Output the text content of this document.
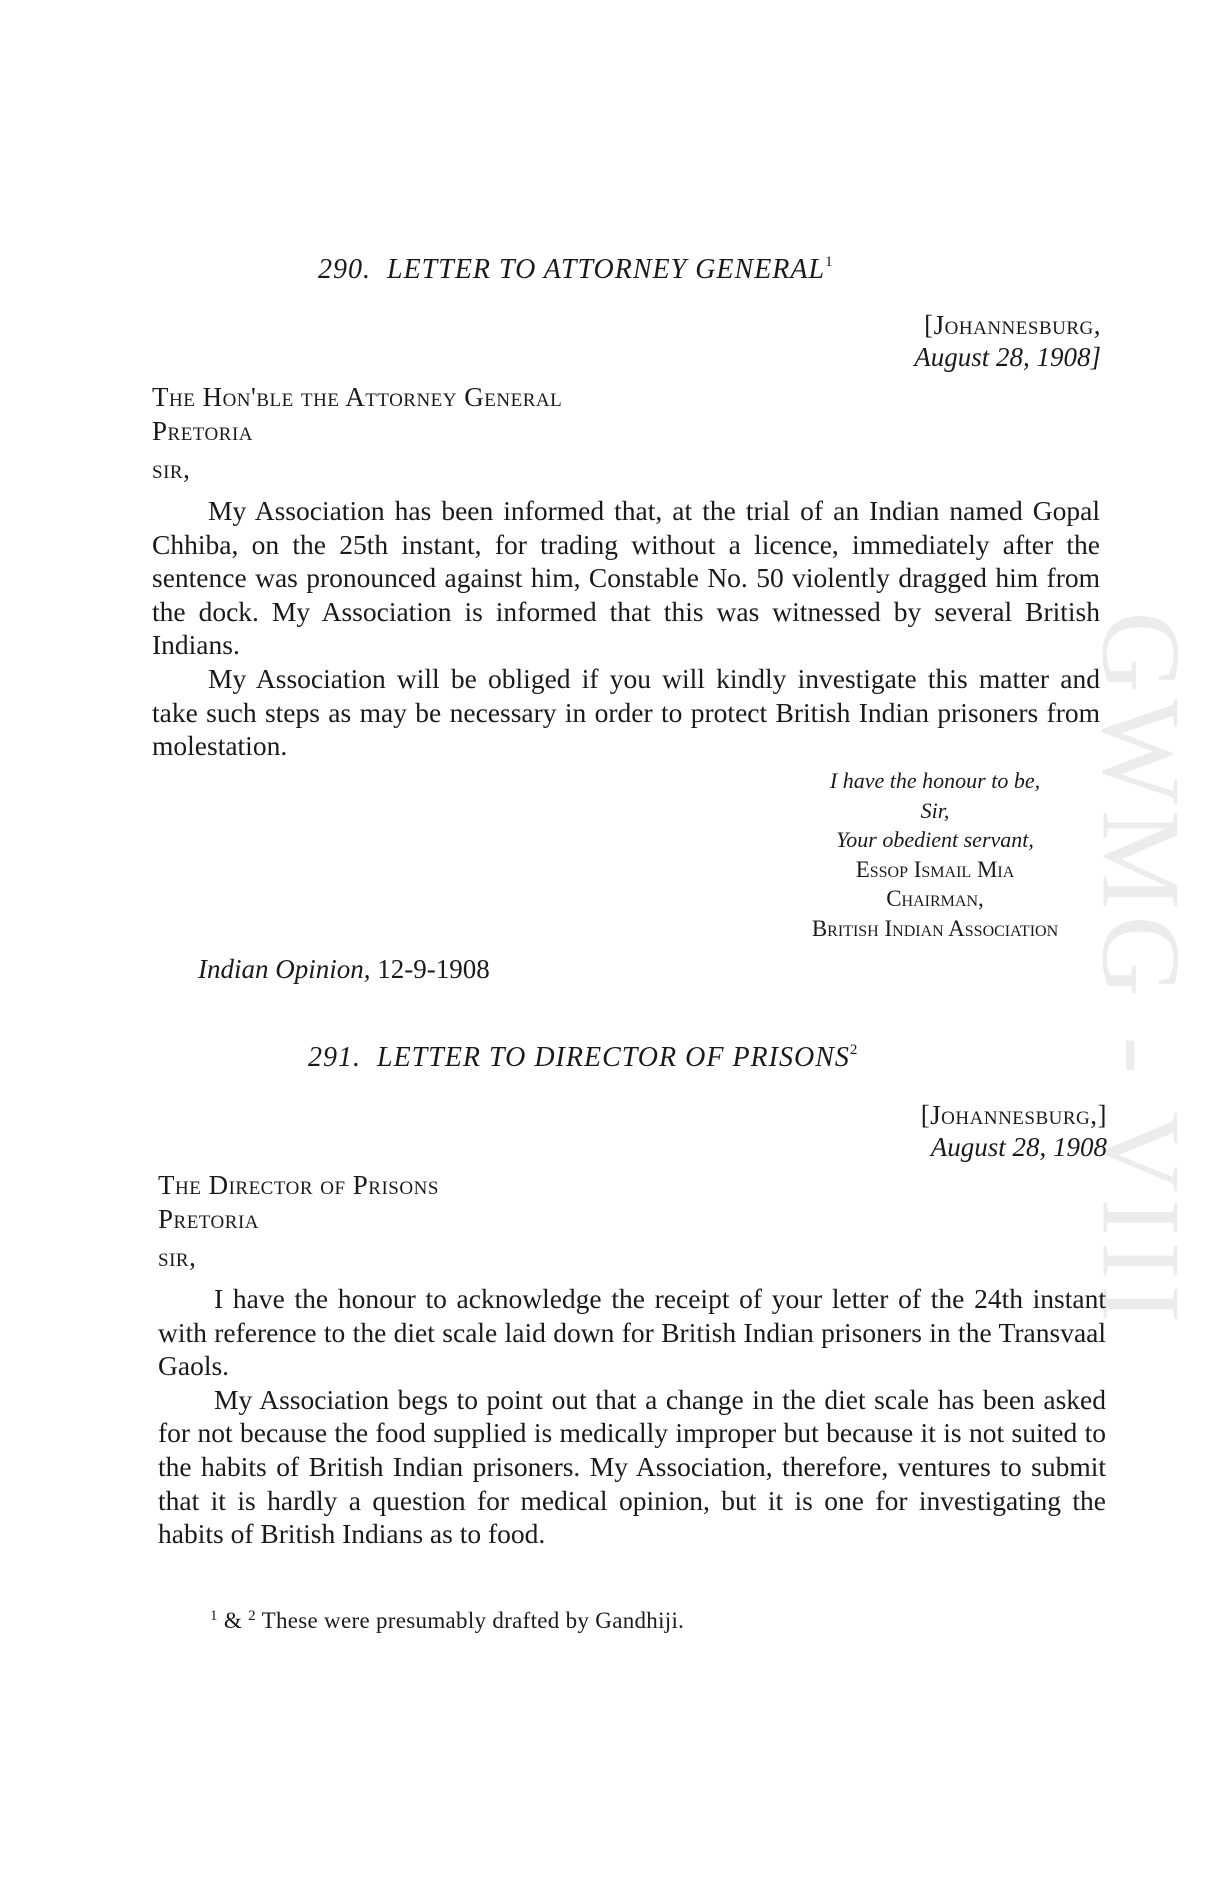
GWMG - VIII
290. LETTER TO ATTORNEY GENERAL$^1$
[Johannesburg,
August 28, 1908]
The Hon'ble the Attorney General
Pretoria
sir,

My Association has been informed that, at the trial of an Indian named Gopal Chhiba, on the 25th instant, for trading without a licence, immediately after the sentence was pronounced against him, Constable No. 50 violently dragged him from the dock. My Association is informed that this was witnessed by several British Indians.

My Association will be obliged if you will kindly investigate this matter and take such steps as may be necessary in order to protect British Indian prisoners from molestation.

I have the honour to be,
Sir,
Your obedient servant,
Essop Ismail Mia
Chairman,
British Indian Association
Indian Opinion, 12-9-1908
291. LETTER TO DIRECTOR OF PRISONS$^2$
[Johannesburg,]
August 28, 1908
The Director of Prisons
Pretoria
sir,

I have the honour to acknowledge the receipt of your letter of the 24th instant with reference to the diet scale laid down for British Indian prisoners in the Transvaal Gaols.

My Association begs to point out that a change in the diet scale has been asked for not because the food supplied is medically improper but because it is not suited to the habits of British Indian prisoners. My Association, therefore, ventures to submit that it is hardly a question for medical opinion, but it is one for investigating the habits of British Indians as to food.

$^1$ & $^2$ These were presumably drafted by Gandhiji.
